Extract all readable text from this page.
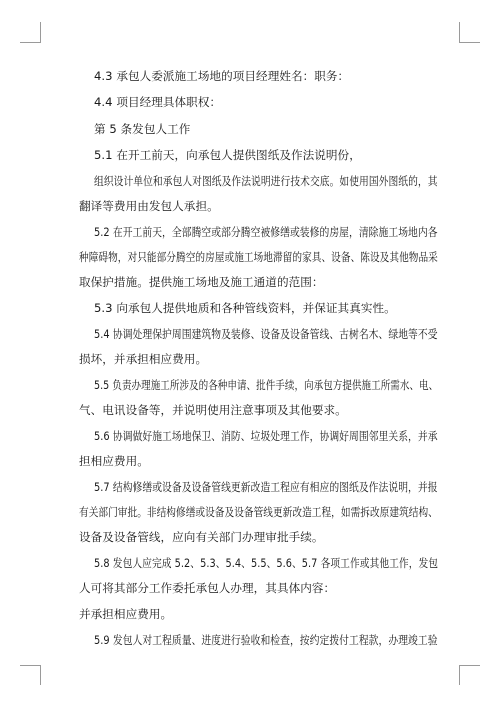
4.3 承包人委派施工场地的项目经理姓名：职务：
4.4 项目经理具体职权：
第 5 条发包人工作
5.1 在开工前天，向承包人提供图纸及作法说明份，
组织设计单位和承包人对图纸及作法说明进行技术交底。如使用国外图纸的，其
翻译等费用由发包人承担。
5.2 在开工前天，全部腾空或部分腾空被修缮或装修的房屋，清除施工场地内各
种障碍物，对只能部分腾空的房屋或施工场地滞留的家具、设备、陈设及其他物品采
取保护措施。提供施工场地及施工通道的范围：
5.3 向承包人提供地质和各种管线资料，并保证其真实性。
5.4 协调处理保护周围建筑物及装修、设备及设备管线、古树名木、绿地等不受
损坏，并承担相应费用。
5.5 负责办理施工所涉及的各种申请、批件手续，向承包方提供施工所需水、电、
气、电讯设备等，并说明使用注意事项及其他要求。
5.6 协调做好施工场地保卫、消防、垃圾处理工作，协调好周围邻里关系，并承
担相应费用。
5.7 结构修缮或设备及设备管线更新改造工程应有相应的图纸及作法说明，并报
有关部门审批。非结构修缮或设备及设备管线更新改造工程，如需拆改原建筑结构、
设备及设备管线，应向有关部门办理审批手续。
5.8 发包人应完成 5.2、5.3、5.4、5.5、5.6、5.7 各项工作或其他工作，发包
人可将其部分工作委托承包人办理，其具体内容：
并承担相应费用。
5.9 发包人对工程质量、进度进行验收和检查，按约定拨付工程款，办理竣工验
